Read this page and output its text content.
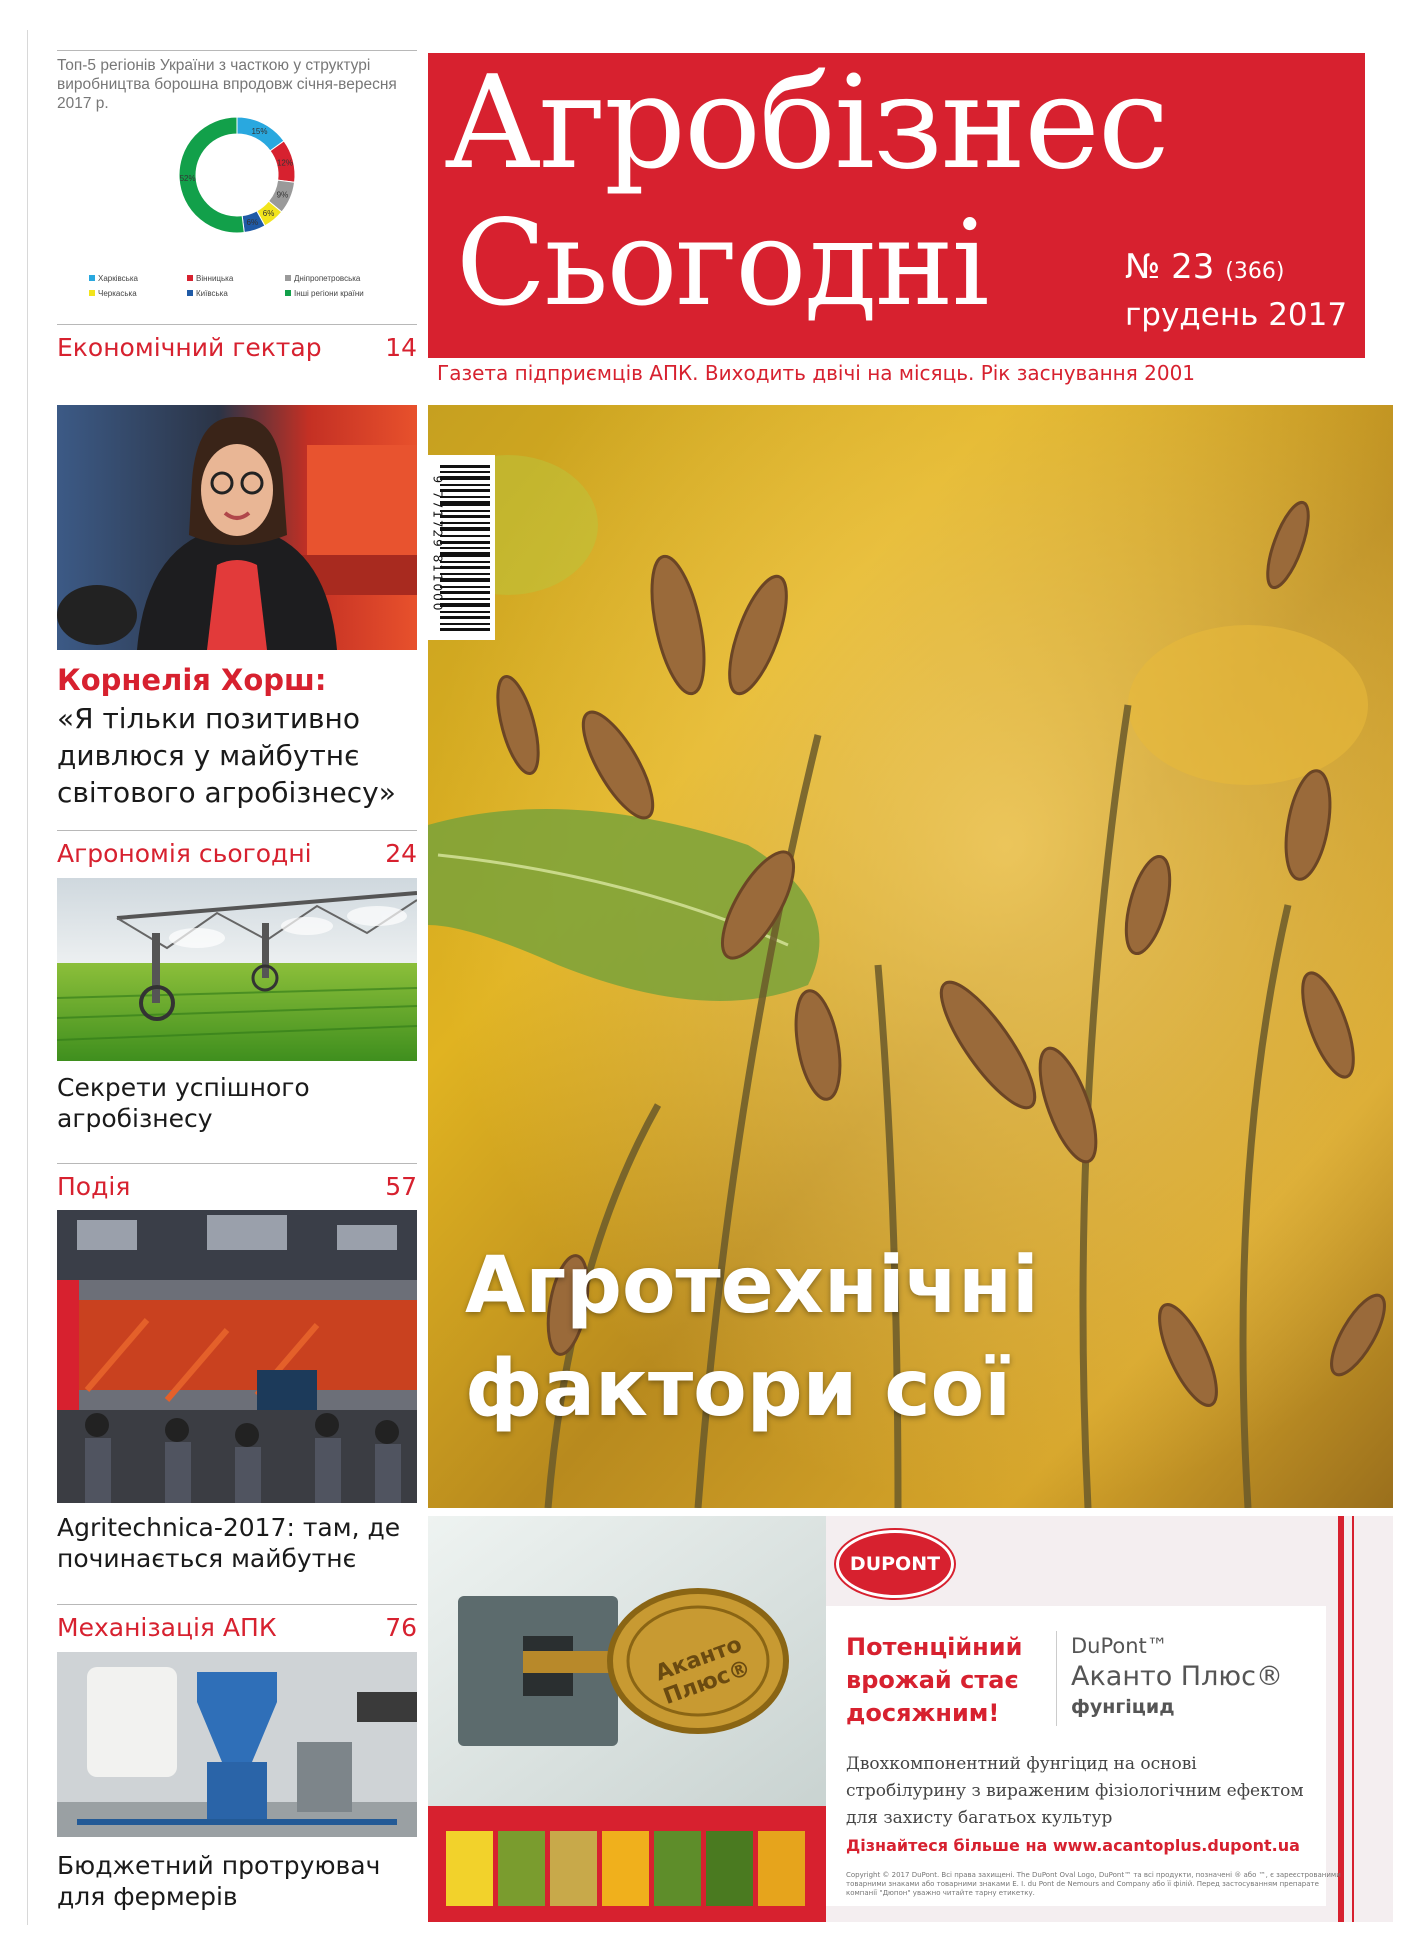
Топ-5 регіонів України з часткою у структурі виробництва борошна впродовж січня-вересня 2017 р.
15%
12%
9%
6%
6%
52%
Харківська	Вінницька	Дніпропетровська
Черкаська	Київська	Інші регіони країни
Економічний гектар	14
Корнелія Хорш:
«Я тільки позитивно дивлюся у майбутнє світового агробізнесу»
Агрономія сьогодні	24
Секрети успішного агробізнесу
Подія	57
Agritechnica-2017: там, де починається майбутнє
Механізація АПК	76
Бюджетний протруювач для фермерів
Агробізнес
Сьогодні	№ 23 (366)
грудень 2017
Газета підприємців АПК. Виходить двічі на місяць. Рік заснування 2001
Агротехнічні
фактори сої
9 771729 811000
Аканто Плюс®
DUPONT
Потенційний врожай стає досяжним!
DuPont™
Аканто Плюс®
фунгіцид
Двохкомпонентний фунгіцид на основі стробілурину з вираженим фізіологічним ефектом для захисту багатьох культур
Дізнайтеся більше на www.acantoplus.dupont.ua
Copyright © 2017 DuPont. Всі права захищені. The DuPont Oval Logo, DuPont™ та всі продукти, позначені ® або ™, є зареєстрованими товарними знаками або товарними знаками E. I. du Pont de Nemours and Company або її філій. Перед застосуванням препарате компанії "Дюпон" уважно читайте тарну етикетку.
